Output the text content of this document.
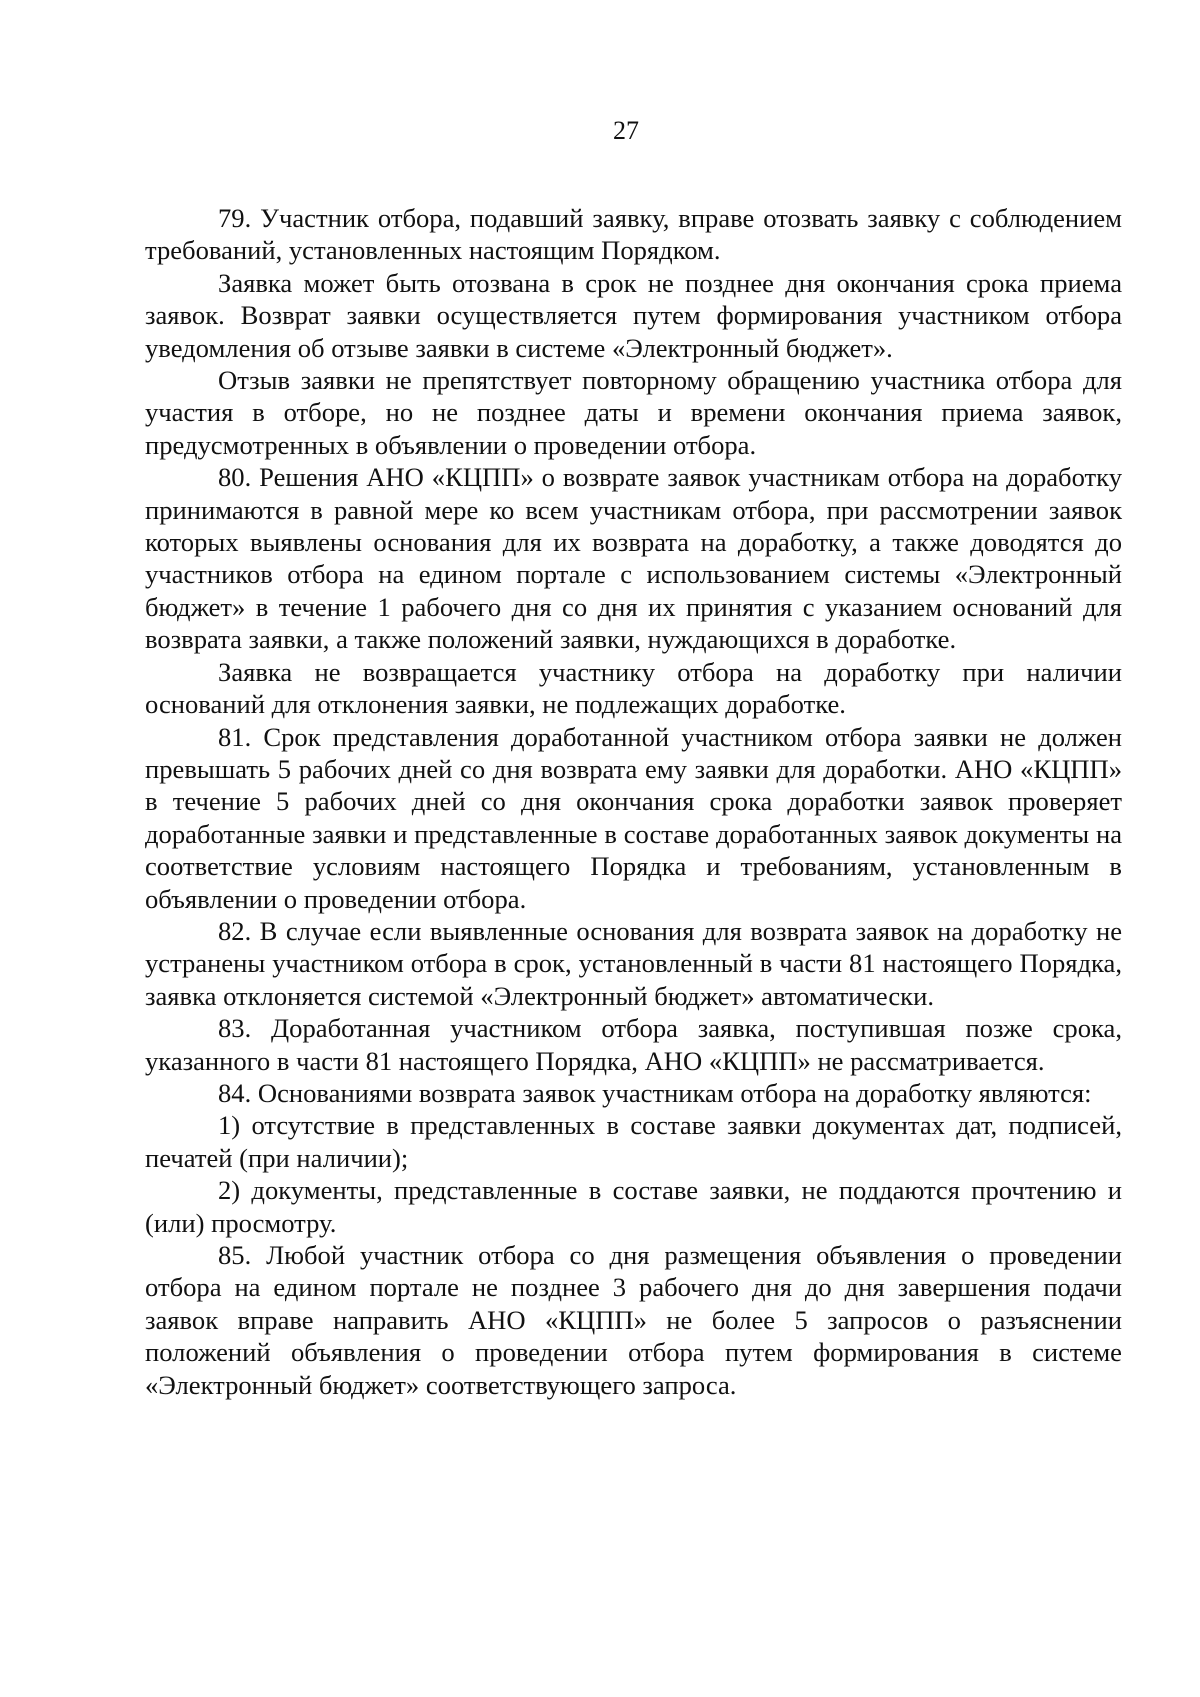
27

79. Участник отбора, подавший заявку, вправе отозвать заявку с соблюдением требований, установленных настоящим Порядком.

Заявка может быть отозвана в срок не позднее дня окончания срока приема заявок. Возврат заявки осуществляется путем формирования участником отбора уведомления об отзыве заявки в системе «Электронный бюджет».

Отзыв заявки не препятствует повторному обращению участника отбора для участия в отборе, но не позднее даты и времени окончания приема заявок, предусмотренных в объявлении о проведении отбора.

80. Решения АНО «КЦПП» о возврате заявок участникам отбора на доработку принимаются в равной мере ко всем участникам отбора, при рассмотрении заявок которых выявлены основания для их возврата на доработку, а также доводятся до участников отбора на едином портале с использованием системы «Электронный бюджет» в течение 1 рабочего дня со дня их принятия с указанием оснований для возврата заявки, а также положений заявки, нуждающихся в доработке.

Заявка не возвращается участнику отбора на доработку при наличии оснований для отклонения заявки, не подлежащих доработке.

81. Срок представления доработанной участником отбора заявки не должен превышать 5 рабочих дней со дня возврата ему заявки для доработки. АНО «КЦПП» в течение 5 рабочих дней со дня окончания срока доработки заявок проверяет доработанные заявки и представленные в составе доработанных заявок документы на соответствие условиям настоящего Порядка и требованиям, установленным в объявлении о проведении отбора.

82. В случае если выявленные основания для возврата заявок на доработку не устранены участником отбора в срок, установленный в части 81 настоящего Порядка, заявка отклоняется системой «Электронный бюджет» автоматически.

83. Доработанная участником отбора заявка, поступившая позже срока, указанного в части 81 настоящего Порядка, АНО «КЦПП» не рассматривается.

84. Основаниями возврата заявок участникам отбора на доработку являются:

1) отсутствие в представленных в составе заявки документах дат, подписей, печатей (при наличии);

2) документы, представленные в составе заявки, не поддаются прочтению и (или) просмотру.

85. Любой участник отбора со дня размещения объявления о проведении отбора на едином портале не позднее 3 рабочего дня до дня завершения подачи заявок вправе направить АНО «КЦПП» не более 5 запросов о разъяснении положений объявления о проведении отбора путем формирования в системе «Электронный бюджет» соответствующего запроса.
